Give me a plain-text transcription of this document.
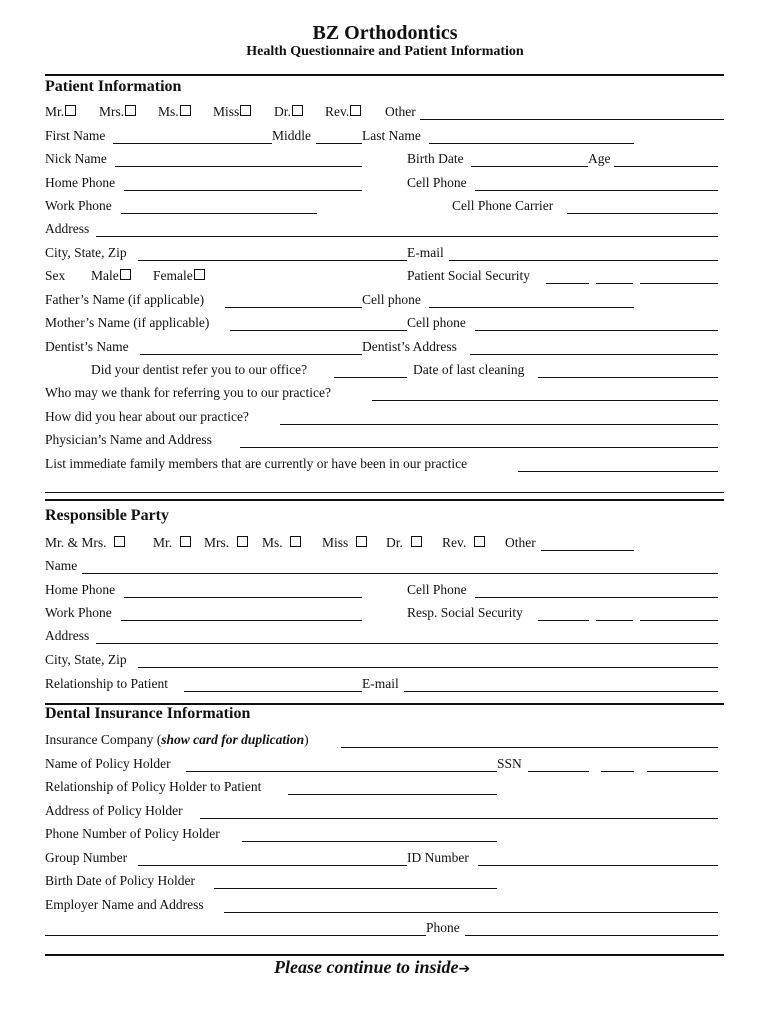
BZ Orthodontics
Health Questionnaire and Patient Information
Patient Information
Mr.	Mrs.	Ms.	Miss	Dr.	Rev.	Other
First Name	Middle	Last Name
Nick Name	Birth Date	Age
Home Phone	Cell Phone
Work Phone	Cell Phone Carrier
Address
City, State, Zip	E-mail
Sex Male	Female	Patient Social Security
Father’s Name (if applicable)	Cell phone
Mother’s Name (if applicable)	Cell phone
Dentist’s Name	Dentist’s Address
Did your dentist refer you to our office?	Date of last cleaning
Who may we thank for referring you to our practice?
How did you hear about our practice?
Physician’s Name and Address
List immediate family members that are currently or have been in our practice
Responsible Party
Mr. & Mrs.	Mr.	Mrs.	Ms.	Miss	Dr.	Rev.	Other
Name
Home Phone	Cell Phone
Work Phone	Resp. Social Security
Address
City, State, Zip
Relationship to Patient	E-mail
Dental Insurance Information
Insurance Company (show card for duplication)
Name of Policy Holder	SSN
Relationship of Policy Holder to Patient
Address of Policy Holder
Phone Number of Policy Holder
Group Number	ID Number
Birth Date of Policy Holder
Employer Name and Address
Phone
Please continue to inside➔
